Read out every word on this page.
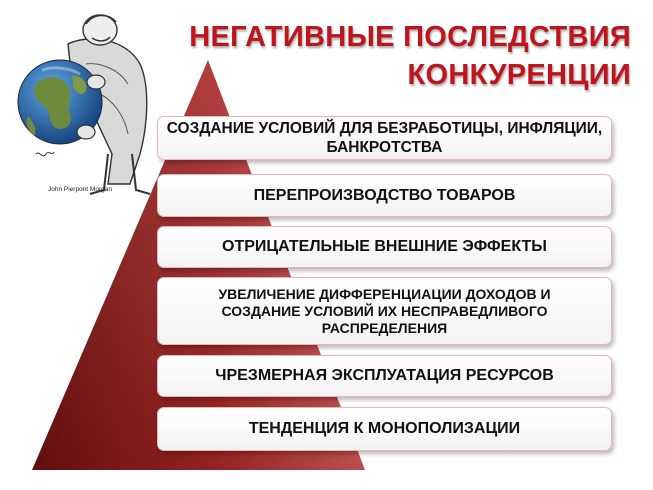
John Pierpont Morgan
НЕГАТИВНЫЕ ПОСЛЕДСТВИЯ
КОНКУРЕНЦИИ
СОЗДАНИЕ УСЛОВИЙ ДЛЯ БЕЗРАБОТИЦЫ, ИНФЛЯЦИИ, БАНКРОТСТВА
ПЕРЕПРОИЗВОДСТВО ТОВАРОВ
ОТРИЦАТЕЛЬНЫЕ ВНЕШНИЕ ЭФФЕКТЫ
УВЕЛИЧЕНИЕ ДИФФЕРЕНЦИАЦИИ ДОХОДОВ И СОЗДАНИЕ УСЛОВИЙ ИХ НЕСПРАВЕДЛИВОГО РАСПРЕДЕЛЕНИЯ
ЧРЕЗМЕРНАЯ ЭКСПЛУАТАЦИЯ РЕСУРСОВ
ТЕНДЕНЦИЯ К МОНОПОЛИЗАЦИИ
